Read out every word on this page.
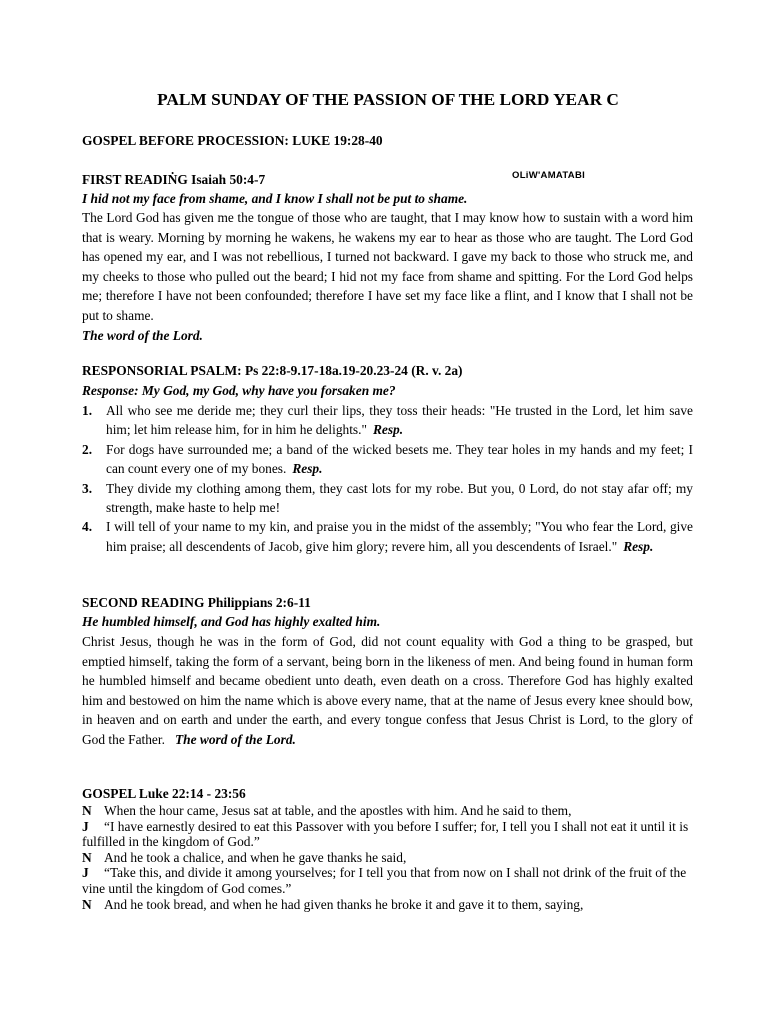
PALM SUNDAY OF THE PASSION OF THE LORD YEAR C
GOSPEL BEFORE PROCESSION: LUKE 19:28-40
OLiW'AMATABI
FIRST READIṄG Isaiah 50:4-7
I hid not my face from shame, and I know I shall not be put to shame.
The Lord God has given me the tongue of those who are taught, that I may know how to sustain with a word him that is weary. Morning by morning he wakens, he wakens my ear to hear as those who are taught. The Lord God has opened my ear, and I was not rebellious, I turned not backward. I gave my back to those who struck me, and my cheeks to those who pulled out the beard; I hid not my face from shame and spitting. For the Lord God helps me; therefore I have not been confounded; therefore I have set my face like a flint, and I know that I shall not be put to shame.
The word of the Lord.
RESPONSORIAL PSALM: Ps 22:8-9.17-18a.19-20.23-24 (R. v. 2a)
Response: My God, my God, why have you forsaken me?
1.	All who see me deride me; they curl their lips, they toss their heads: "He trusted in the Lord, let him save him; let him release him, for in him he delights." Resp.
2.	For dogs have surrounded me; a band of the wicked besets me. They tear holes in my hands and my feet; I can count every one of my bones. Resp.
3.	They divide my clothing among them, they cast lots for my robe. But you, 0 Lord, do not stay afar off; my strength, make haste to help me!
4.	I will tell of your name to my kin, and praise you in the midst of the assembly; "You who fear the Lord, give him praise; all descendents of Jacob, give him glory; revere him, all you descendents of Israel." Resp.
SECOND READING Philippians 2:6-11
He humbled himself, and God has highly exalted him.
Christ Jesus, though he was in the form of God, did not count equality with God a thing to be grasped, but emptied himself, taking the form of a servant, being born in the likeness of men. And being found in human form he humbled himself and became obedient unto death, even death on a cross. Therefore God has highly exalted him and bestowed on him the name which is above every name, that at the name of Jesus every knee should bow, in heaven and on earth and under the earth, and every tongue confess that Jesus Christ is Lord, to the glory of God the Father. The word of the Lord.
GOSPEL Luke 22:14 - 23:56
N When the hour came, Jesus sat at table, and the apostles with him. And he said to them,
J “I have earnestly desired to eat this Passover with you before I suffer; for, I tell you I shall not eat it until it is fulfilled in the kingdom of God.”
N And he took a chalice, and when he gave thanks he said,
J “Take this, and divide it among yourselves; for I tell you that from now on I shall not drink of the fruit of the vine until the kingdom of God comes.”
N And he took bread, and when he had given thanks he broke it and gave it to them, saying,
